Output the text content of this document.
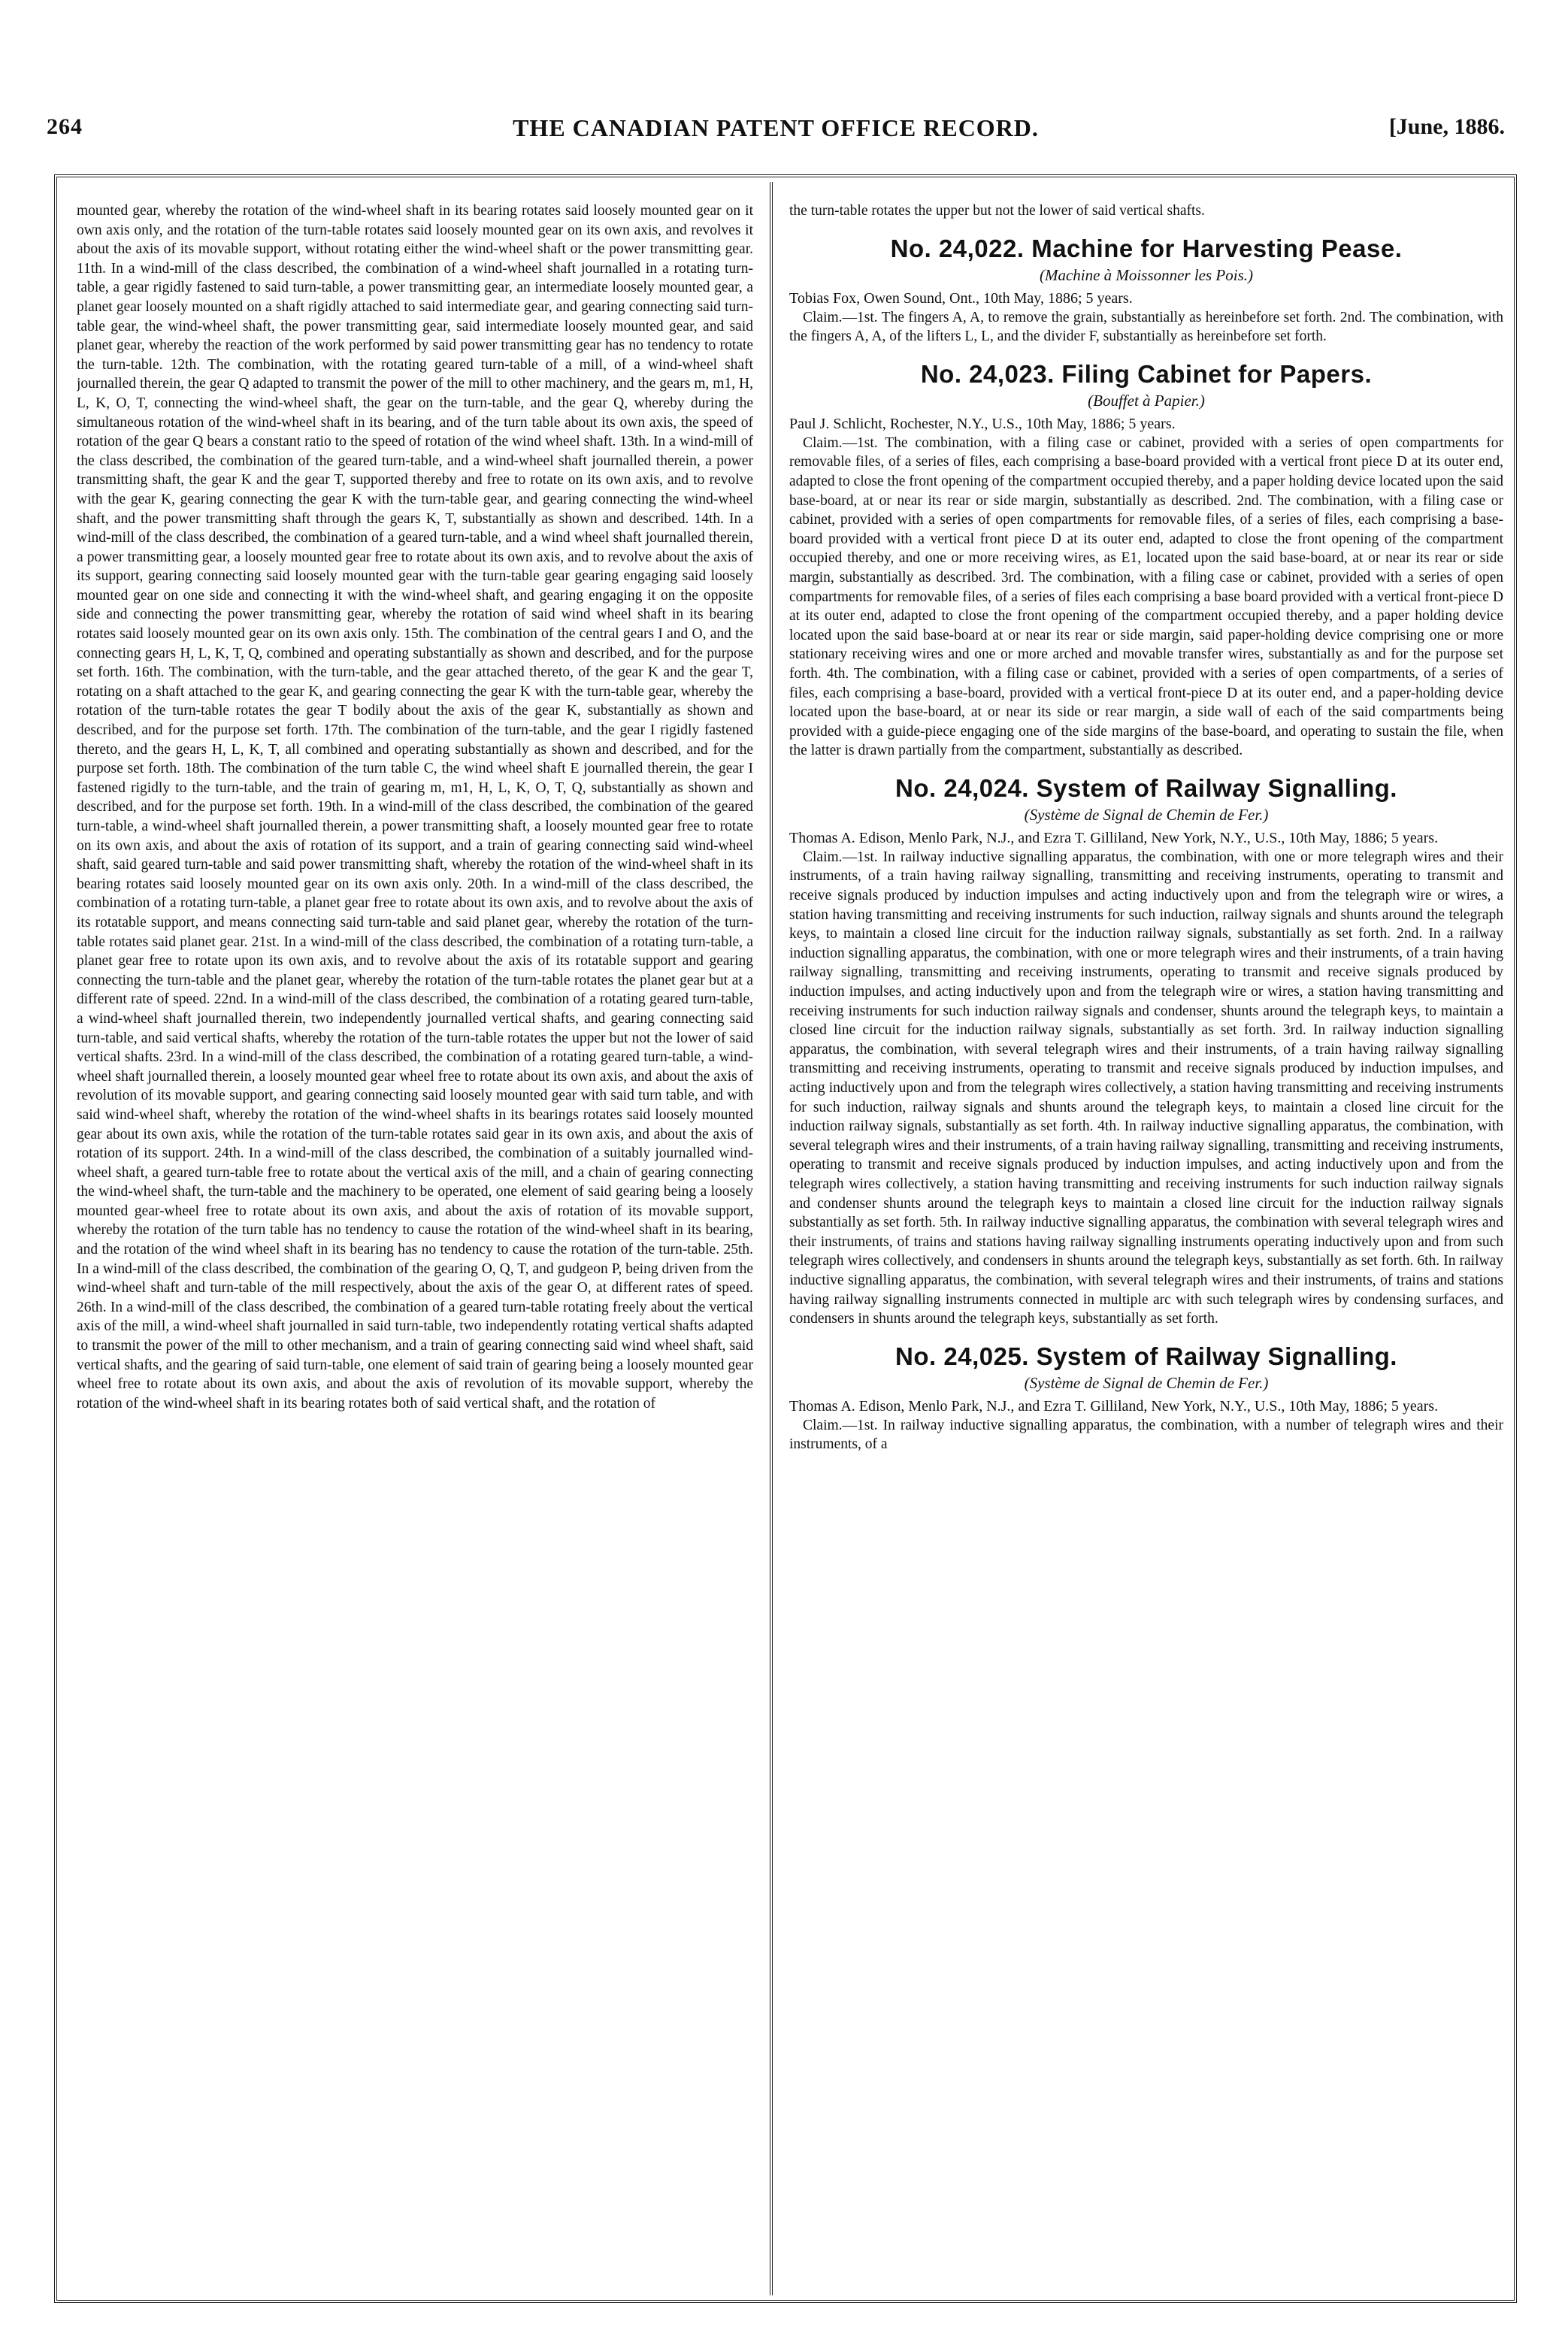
264	THE CANADIAN PATENT OFFICE RECORD.	[June, 1886.

mounted gear, whereby the rotation of the wind-wheel shaft in its bearing rotates said loosely mounted gear on it own axis only, and the rotation of the turn-table rotates said loosely mounted gear on its own axis, and revolves it about the axis of its movable support, without rotating either the wind-wheel shaft or the power transmitting gear. 11th. In a wind-mill of the class described, the combination of a wind-wheel shaft journalled in a rotating turn-table, a gear rigidly fastened to said turn-table, a power transmitting gear, an intermediate loosely mounted gear, a planet gear loosely mounted on a shaft rigidly attached to said intermediate gear, and gearing connecting said turn-table gear, the wind-wheel shaft, the power transmitting gear, said intermediate loosely mounted gear, and said planet gear, whereby the reaction of the work performed by said power transmitting gear has no tendency to rotate the turn-table. 12th. The combination, with the rotating geared turn-table of a mill, of a wind-wheel shaft journalled therein, the gear Q adapted to transmit the power of the mill to other machinery, and the gears m, m1, H, L, K, O, T, connecting the wind-wheel shaft, the gear on the turn-table, and the gear Q, whereby during the simultaneous rotation of the wind-wheel shaft in its bearing, and of the turn table about its own axis, the speed of rotation of the gear Q bears a constant ratio to the speed of rotation of the wind wheel shaft. 13th. In a wind-mill of the class described, the combination of the geared turn-table, and a wind-wheel shaft journalled therein, a power transmitting shaft, the gear K and the gear T, supported thereby and free to rotate on its own axis, and to revolve with the gear K, gearing connecting the gear K with the turn-table gear, and gearing connecting the wind-wheel shaft, and the power transmitting shaft through the gears K, T, substantially as shown and described. 14th. In a wind-mill of the class described, the combination of a geared turn-table, and a wind wheel shaft journalled therein, a power transmitting gear, a loosely mounted gear free to rotate about its own axis, and to revolve about the axis of its support, gearing connecting said loosely mounted gear with the turn-table gear gearing engaging said loosely mounted gear on one side and connecting it with the wind-wheel shaft, and gearing engaging it on the opposite side and connecting the power transmitting gear, whereby the rotation of said wind wheel shaft in its bearing rotates said loosely mounted gear on its own axis only. 15th. The combination of the central gears I and O, and the connecting gears H, L, K, T, Q, combined and operating substantially as shown and described, and for the purpose set forth. 16th. The combination, with the turn-table, and the gear attached thereto, of the gear K and the gear T, rotating on a shaft attached to the gear K, and gearing connecting the gear K with the turn-table gear, whereby the rotation of the turn-table rotates the gear T bodily about the axis of the gear K, substantially as shown and described, and for the purpose set forth. 17th. The combination of the turn-table, and the gear I rigidly fastened thereto, and the gears H, L, K, T, all combined and operating substantially as shown and described, and for the purpose set forth. 18th. The combination of the turn table C, the wind wheel shaft E journalled therein, the gear I fastened rigidly to the turn-table, and the train of gearing m, m1, H, L, K, O, T, Q, substantially as shown and described, and for the purpose set forth. 19th. In a wind-mill of the class described, the combination of the geared turn-table, a wind-wheel shaft journalled therein, a power transmitting shaft, a loosely mounted gear free to rotate on its own axis, and about the axis of rotation of its support, and a train of gearing connecting said wind-wheel shaft, said geared turn-table and said power transmitting shaft, whereby the rotation of the wind-wheel shaft in its bearing rotates said loosely mounted gear on its own axis only. 20th. In a wind-mill of the class described, the combination of a rotating turn-table, a planet gear free to rotate about its own axis, and to revolve about the axis of its rotatable support, and means connecting said turn-table and said planet gear, whereby the rotation of the turn-table rotates said planet gear. 21st. In a wind-mill of the class described, the combination of a rotating turn-table, a planet gear free to rotate upon its own axis, and to revolve about the axis of its rotatable support and gearing connecting the turn-table and the planet gear, whereby the rotation of the turn-table rotates the planet gear but at a different rate of speed. 22nd. In a wind-mill of the class described, the combination of a rotating geared turn-table, a wind-wheel shaft journalled therein, two independently journalled vertical shafts, and gearing connecting said turn-table, and said vertical shafts, whereby the rotation of the turn-table rotates the upper but not the lower of said vertical shafts. 23rd. In a wind-mill of the class described, the combination of a rotating geared turn-table, a wind-wheel shaft journalled therein, a loosely mounted gear wheel free to rotate about its own axis, and about the axis of revolution of its movable support, and gearing connecting said loosely mounted gear with said turn table, and with said wind-wheel shaft, whereby the rotation of the wind-wheel shafts in its bearings rotates said loosely mounted gear about its own axis, while the rotation of the turn-table rotates said gear in its own axis, and about the axis of rotation of its support. 24th. In a wind-mill of the class described, the combination of a suitably journalled wind-wheel shaft, a geared turn-table free to rotate about the vertical axis of the mill, and a chain of gearing connecting the wind-wheel shaft, the turn-table and the machinery to be operated, one element of said gearing being a loosely mounted gear-wheel free to rotate about its own axis, and about the axis of rotation of its movable support, whereby the rotation of the turn table has no tendency to cause the rotation of the wind-wheel shaft in its bearing, and the rotation of the wind wheel shaft in its bearing has no tendency to cause the rotation of the turn-table. 25th. In a wind-mill of the class described, the combination of the gearing O, Q, T, and gudgeon P, being driven from the wind-wheel shaft and turn-table of the mill respectively, about the axis of the gear O, at different rates of speed. 26th. In a wind-mill of the class described, the combination of a geared turn-table rotating freely about the vertical axis of the mill, a wind-wheel shaft journalled in said turn-table, two independently rotating vertical shafts adapted to transmit the power of the mill to other mechanism, and a train of gearing connecting said wind wheel shaft, said vertical shafts, and the gearing of said turn-table, one element of said train of gearing being a loosely mounted gear wheel free to rotate about its own axis, and about the axis of revolution of its movable support, whereby the rotation of the wind-wheel shaft in its bearing rotates both of said vertical shaft, and the rotation of

the turn-table rotates the upper but not the lower of said vertical shafts.

No. 24,022. Machine for Harvesting Pease.
(Machine à Moissonner les Pois.)

Tobias Fox, Owen Sound, Ont., 10th May, 1886; 5 years.

Claim.—1st. The fingers A, A, to remove the grain, substantially as hereinbefore set forth. 2nd. The combination, with the fingers A, A, of the lifters L, L, and the divider F, substantially as hereinbefore set forth.

No. 24,023. Filing Cabinet for Papers.
(Bouffet à Papier.)

Paul J. Schlicht, Rochester, N.Y., U.S., 10th May, 1886; 5 years.

Claim.—1st. The combination, with a filing case or cabinet, provided with a series of open compartments for removable files, of a series of files, each comprising a base-board provided with a vertical front piece D at its outer end, adapted to close the front opening of the compartment occupied thereby, and a paper holding device located upon the said base-board, at or near its rear or side margin, substantially as described. 2nd. The combination, with a filing case or cabinet, provided with a series of open compartments for removable files, of a series of files, each comprising a base-board provided with a vertical front piece D at its outer end, adapted to close the front opening of the compartment occupied thereby, and one or more receiving wires, as E1, located upon the said base-board, at or near its rear or side margin, substantially as described. 3rd. The combination, with a filing case or cabinet, provided with a series of open compartments for removable files, of a series of files each comprising a base board provided with a vertical front-piece D at its outer end, adapted to close the front opening of the compartment occupied thereby, and a paper holding device located upon the said base-board at or near its rear or side margin, said paper-holding device comprising one or more stationary receiving wires and one or more arched and movable transfer wires, substantially as and for the purpose set forth. 4th. The combination, with a filing case or cabinet, provided with a series of open compartments, of a series of files, each comprising a base-board, provided with a vertical front-piece D at its outer end, and a paper-holding device located upon the base-board, at or near its side or rear margin, a side wall of each of the said compartments being provided with a guide-piece engaging one of the side margins of the base-board, and operating to sustain the file, when the latter is drawn partially from the compartment, substantially as described.

No. 24,024. System of Railway Signalling.
(Système de Signal de Chemin de Fer.)

Thomas A. Edison, Menlo Park, N.J., and Ezra T. Gilliland, New York, N.Y., U.S., 10th May, 1886; 5 years.

Claim.—1st. In railway inductive signalling apparatus, the combination, with one or more telegraph wires and their instruments, of a train having railway signalling, transmitting and receiving instruments, operating to transmit and receive signals produced by induction impulses and acting inductively upon and from the telegraph wire or wires, a station having transmitting and receiving instruments for such induction, railway signals and shunts around the telegraph keys, to maintain a closed line circuit for the induction railway signals, substantially as set forth. 2nd. In a railway induction signalling apparatus, the combination, with one or more telegraph wires and their instruments, of a train having railway signalling, transmitting and receiving instruments, operating to transmit and receive signals produced by induction impulses, and acting inductively upon and from the telegraph wire or wires, a station having transmitting and receiving instruments for such induction railway signals and condenser, shunts around the telegraph keys, to maintain a closed line circuit for the induction railway signals, substantially as set forth. 3rd. In railway induction signalling apparatus, the combination, with several telegraph wires and their instruments, of a train having railway signalling transmitting and receiving instruments, operating to transmit and receive signals produced by induction impulses, and acting inductively upon and from the telegraph wires collectively, a station having transmitting and receiving instruments for such induction, railway signals and shunts around the telegraph keys, to maintain a closed line circuit for the induction railway signals, substantially as set forth. 4th. In railway inductive signalling apparatus, the combination, with several telegraph wires and their instruments, of a train having railway signalling, transmitting and receiving instruments, operating to transmit and receive signals produced by induction impulses, and acting inductively upon and from the telegraph wires collectively, a station having transmitting and receiving instruments for such induction railway signals and condenser shunts around the telegraph keys to maintain a closed line circuit for the induction railway signals substantially as set forth. 5th. In railway inductive signalling apparatus, the combination with several telegraph wires and their instruments, of trains and stations having railway signalling instruments operating inductively upon and from such telegraph wires collectively, and condensers in shunts around the telegraph keys, substantially as set forth. 6th. In railway inductive signalling apparatus, the combination, with several telegraph wires and their instruments, of trains and stations having railway signalling instruments connected in multiple arc with such telegraph wires by condensing surfaces, and condensers in shunts around the telegraph keys, substantially as set forth.

No. 24,025. System of Railway Signalling.
(Système de Signal de Chemin de Fer.)

Thomas A. Edison, Menlo Park, N.J., and Ezra T. Gilliland, New York, N.Y., U.S., 10th May, 1886; 5 years.

Claim.—1st. In railway inductive signalling apparatus, the combination, with a number of telegraph wires and their instruments, of a
